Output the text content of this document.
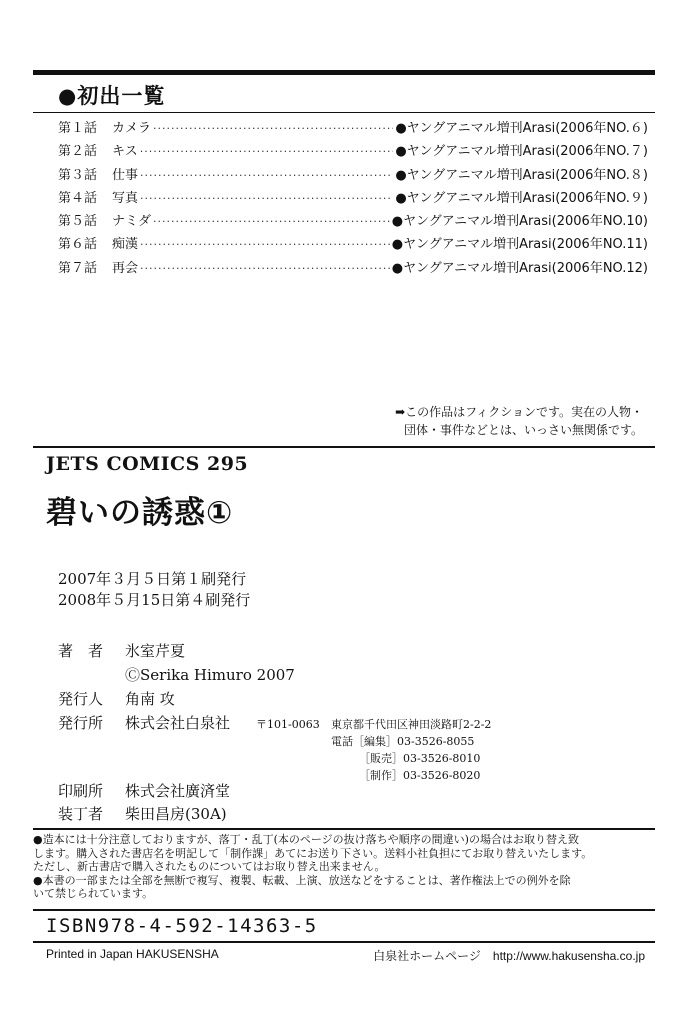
●初出一覧
第１話	カメラ ·····	●ヤングアニマル増刊Arasi(2006年NO.６)
第２話	キス ·····	●ヤングアニマル増刊Arasi(2006年NO.７)
第３話	仕事 ·····	●ヤングアニマル増刊Arasi(2006年NO.８)
第４話	写真 ·····	●ヤングアニマル増刊Arasi(2006年NO.９)
第５話	ナミダ ·····	●ヤングアニマル増刊Arasi(2006年NO.10)
第６話	痴漢 ·····	●ヤングアニマル増刊Arasi(2006年NO.11)
第７話	再会 ·····	●ヤングアニマル増刊Arasi(2006年NO.12)
➡この作品はフィクションです。実在の人物・
団体・事件などとは、いっさい無関係です。
JETS COMICS 295
碧いの誘惑①
2007年３月５日第１刷発行
2008年５月15日第４刷発行
著　者 氷室芹夏
ⒸSerika Himuro 2007
発行人 角南 攻
発行所 株式会社白泉社 〒101-0063 東京都千代田区神田淡路町2-2-2
電話［編集］03-3526-8055
［販売］03-3526-8010
［制作］03-3526-8020
印刷所 株式会社廣済堂
装丁者 柴田昌房(30A)
●造本には十分注意しておりますが、落丁・乱丁(本のページの抜け落ちや順序の間違い)の場合はお取り替え致
します。購入された書店名を明記して「制作課」あてにお送り下さい。送料小社負担にてお取り替えいたします。
ただし、新古書店で購入されたものについてはお取り替え出来ません。
●本書の一部または全部を無断で複写、複製、転載、上演、放送などをすることは、著作権法上での例外を除
いて禁じられています。
ISBN978-4-592-14363-5
Printed in Japan HAKUSENSHA	白泉社ホームページ　http://www.hakusensha.co.jp
